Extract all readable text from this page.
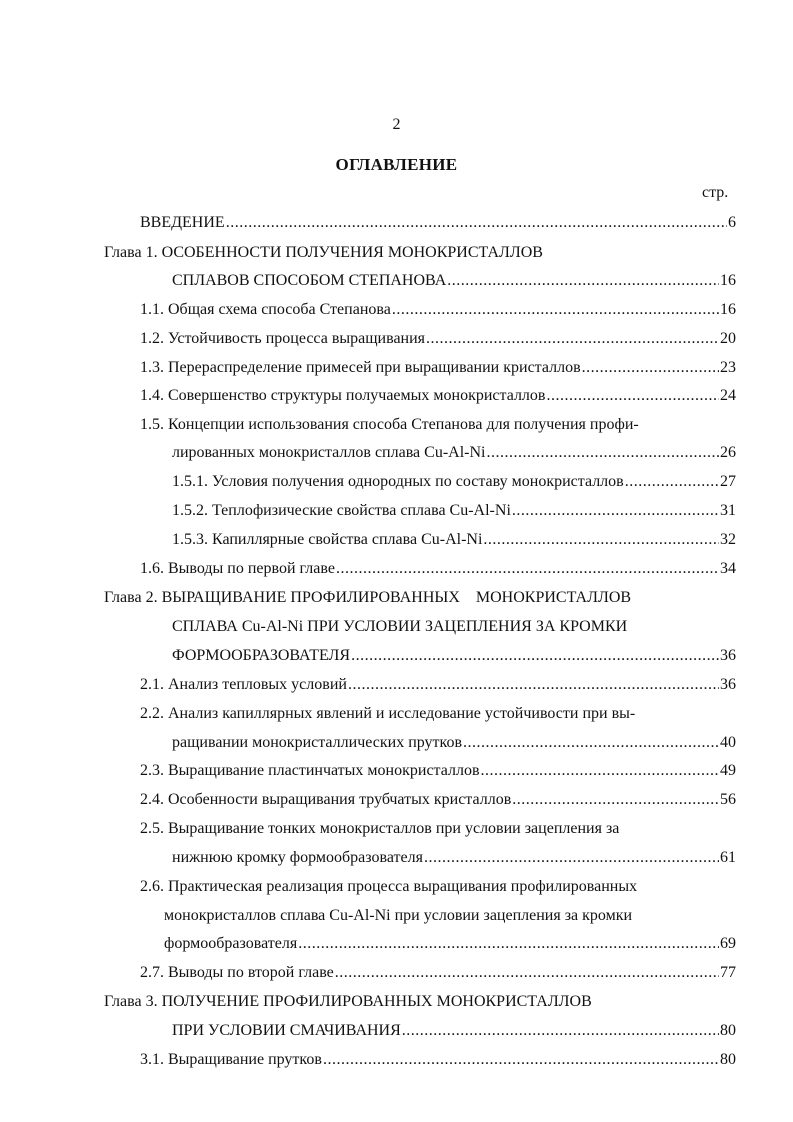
2
ОГЛАВЛЕНИЕ
стр.
ВВЕДЕНИЕ .....	6
Глава 1. ОСОБЕННОСТИ ПОЛУЧЕНИЯ МОНОКРИСТАЛЛОВ
СПЛАВОВ СПОСОБОМ СТЕПАНОВА .....	16
1.1. Общая схема способа Степанова .....	16
1.2. Устойчивость процесса выращивания .....	20
1.3. Перераспределение примесей при выращивании кристаллов .....	23
1.4. Совершенство структуры получаемых монокристаллов .....	24
1.5. Концепции использования способа Степанова для получения профи-
лированных монокристаллов сплава Cu-Al-Ni .....	26
1.5.1. Условия получения однородных по составу монокристаллов .....	27
1.5.2. Теплофизические свойства сплава Cu-Al-Ni .....	31
1.5.3. Капиллярные свойства сплава Cu-Al-Ni .....	32
1.6. Выводы по первой главе .....	34
Глава 2. ВЫРАЩИВАНИЕ ПРОФИЛИРОВАННЫХ    МОНОКРИСТАЛЛОВ
СПЛАВА Cu-Al-Ni ПРИ УСЛОВИИ ЗАЦЕПЛЕНИЯ ЗА КРОМКИ
ФОРМООБРАЗОВАТЕЛЯ .....	36
2.1. Анализ тепловых условий .....	36
2.2. Анализ капиллярных явлений и исследование устойчивости при вы-
ращивании монокристаллических прутков .....	40
2.3. Выращивание пластинчатых монокристаллов .....	49
2.4. Особенности выращивания трубчатых кристаллов .....	56
2.5. Выращивание тонких монокристаллов при условии зацепления за
нижнюю кромку формообразователя .....	61
2.6. Практическая реализация процесса выращивания профилированных
монокристаллов сплава Cu-Al-Ni при условии зацепления за кромки
формообразователя .....	69
2.7. Выводы по второй главе .....	77
Глава 3. ПОЛУЧЕНИЕ ПРОФИЛИРОВАННЫХ МОНОКРИСТАЛЛОВ
ПРИ УСЛОВИИ СМАЧИВАНИЯ .....	80
3.1. Выращивание прутков .....	80
